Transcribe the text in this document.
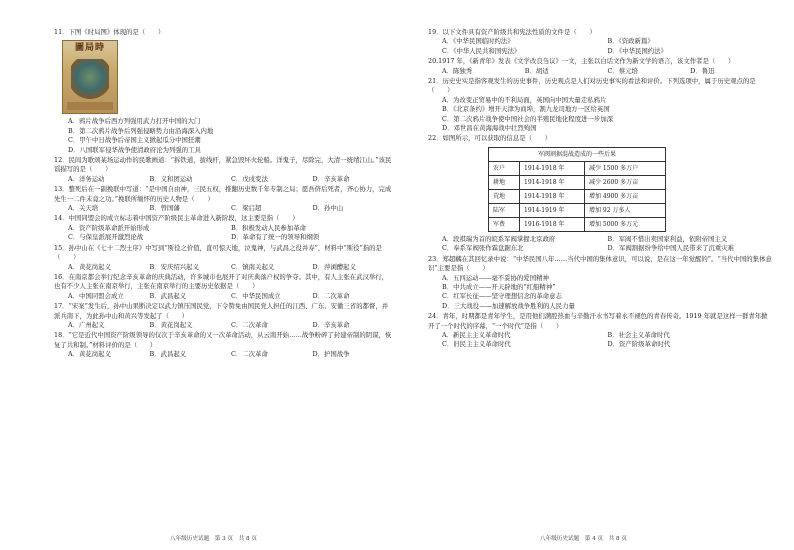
11．下图《时局图》体现的是（　　）
圖局時
A．鸦片战争后西方列强用武力打开中国的大门
B．第二次鸦片战争后列强侵略势力由沿海深入内地
C．甲午中日战争后帝国主义掀起瓜分中国狂潮
D．八国联军侵华战争使清政府沦为列强的工具
12．民间为歌颂某场运动作的民歌画道：“拆铁道，拔线杆，紧急毁坏火轮船。洋鬼子，尽除完，大清一统靖江山。”该民谣描写的是（　　）
A．洋务运动	B．义和团运动	C．戊戌变法	D．辛亥革命
13．整死后在一副挽联中写道：“是中国自由神，三民五权，推翻历史数千年专制之局；愿吾侪后死者，齐心协力，完成先生一二件未竟之功。”挽联所缅怀的历史人物是（　　）
A．关天培	B．曾国藩	C．梁启超	D．孙中山
14．中国同盟会的成立标志着中国资产阶级民主革命进入新阶段，这主要是指（　　）
A．资产阶级革命派开始形成	B．积极发动人民参加革命
C．与保皇派展开激烈论战	D．革命有了统一的领导和纲领
15．孙中山在《七十二烈士序》中写到“斯役之价值，直可惊天地，泣鬼神，与武昌之役并寿”，材料中“斯役”指的是（　　）
A．黄花岗起义	B．安庆绍兴起义	C．镇南关起义	D．萍浏醴起义
16．在南京都会举行纪念辛亥革命的庆典活动，许多城市也展开了对庆典落户权的争夺。其中，有人主张在武汉举行，也有不少人主张在南京举行，主张在南京举行的主要历史依据是（　　）
A．中国同盟会成立	B．武昌起义	C．中华民国成立	D．二次革命
17．“宋案”发生后，孙中山果断决定以武力镇压国民党，下令赞免由国民党人担任的江西、广东、安徽三省的都督，并派兵南下，为此孙中山和黄兴等发起了（　　）
A．广州起义	B．黄花岗起义	C．二次革命	D．辛亥革命
18．“它是近代中国资产阶级领导的仅次于辛亥革命的又一次革命活动，从云南开始……战争粉碎了封建帝制的阴谋，恢复了共和制。”材料评价的是（　　）
A．黄花岗起义	B．武昌起义	C．二次革命	D．护国战争
19．以下文件具有资产阶级共和宪法性质的文件是（　　）
A．《中华民国临时约法》	B．《资政新篇》
C．《中华人民共和国宪法》	D．《中华民国约法》
20.1917 年，《新青年》发表《文学改良刍议》一文，主张以白话文作为新文学的语言，该文作者是（　　）
A．陈独秀	B．胡适	C．蔡元培	D．鲁迅
21．历史史实是指客观发生的历史事件，历史观点是人们对历史事实的看法和评价。下列选项中，属于历史观点的是（　　）
A．为改变正贸易中的不利局面，英国向中国大量走私鸦片
B．《北京条约》增开天津为商埠，割九龙司地方一区给英国
C．第二次鸦片战争使中国社会的半殖民地化程度进一步加深
D．邓世昌在黄海海战中壮烈殉国
22．如图所示，可以获取的信息是（　　）
军阀割据混战造成的一些后果		
农户	1914-1918 年	减少 1500 多万户
耕地	1914-1918 年	减少 2600 多万亩
荒地	1914-1918 年	增加 4900 多万亩
陆军	1914-1919 年	增加 92 万多人
军费	1916-1918 年	增加 5000 多万元
A．段祺瑞为首的皖系军阀掌握北京政府	B．军阀不惜出卖国家利益，依附帝国主义
C．奉系军阀张作霖盘踞东北	D．军阀割据纷争给中国人民带来了沉重灾难
23．郑超麟在其回忆录中说：“中华民国八年……当代中国的集体意识，可以说，是在这一年觉醒的”。“当代中国的集体意识”主要是指（　　）
A．五四运动——毫不妥协的爱国精神
B．中共成立——开天辟地的“红船精神”
C．红军长征——坚守理想信念的革命意志
D．三大战役——加速解放战争胜利的人民力量
24．青年，时期都是青年学生，是用他们满腔热血与辛勤汗水书写着永不褪色的青春传奇。1919 年就是这样一群青年掀开了一个时代的序幕，“一个时代”是指（　　）
A．新民主主义革命时代	B．社会主义革命时代
C．旧民主主义革命时代	D．资产阶级革命时代
八年级历史试题　第 3 页　共 8 页	八年级历史试题　第 4 页　共 8 页
